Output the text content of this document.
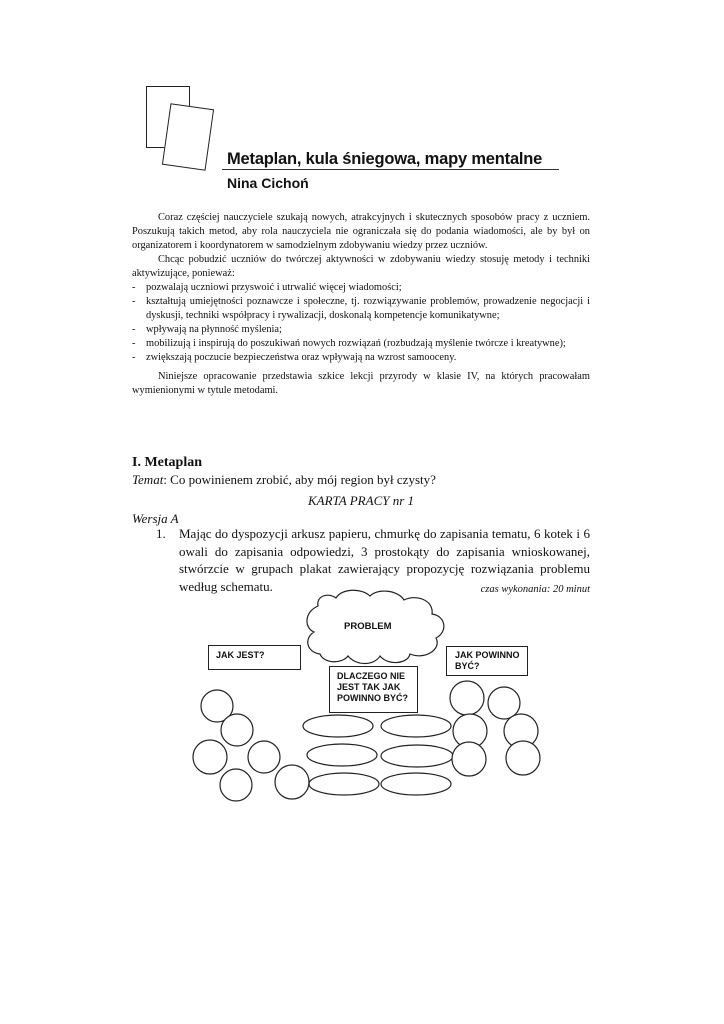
Metaplan, kula śniegowa, mapy mentalne
Nina Cichoń

Coraz częściej nauczyciele szukają nowych, atrakcyjnych i skutecznych sposobów pracy z uczniem. Poszukują takich metod, aby rola nauczyciela nie ograniczała się do podania wiadomości, ale by był on organizatorem i koordynatorem w samodzielnym zdobywaniu wiedzy przez uczniów.

Chcąc pobudzić uczniów do twórczej aktywności w zdobywaniu wiedzy stosuję metody i techniki aktywizujące, ponieważ:

- pozwalają uczniowi przyswoić i utrwalić więcej wiadomości;
- kształtują umiejętności poznawcze i społeczne, tj. rozwiązywanie problemów, prowadzenie negocjacji i dyskusji, techniki współpracy i rywalizacji, doskonalą kompetencje komunikatywne;
- wpływają na płynność myślenia;
- mobilizują i inspirują do poszukiwań nowych rozwiązań (rozbudzają myślenie twórcze i kreatywne);
- zwiększają poczucie bezpieczeństwa oraz wpływają na wzrost samooceny.

Niniejsze opracowanie przedstawia szkice lekcji przyrody w klasie IV, na których pracowałam wymienionymi w tytule metodami.

I. Metaplan
Temat: Co powinienem zrobić, aby mój region był czysty?
KARTA PRACY nr 1
Wersja A
1. Mając do dyspozycji arkusz papieru, chmurkę do zapisania tematu, 6 kotek i 6 owali do zapisania odpowiedzi, 3 prostokąty do zapisania wnioskowanej, stwórzcie w grupach plakat zawierający propozycję rozwiązania problemu według schematu.	czas wykonania: 20 minut
PROBLEM
JAK JEST?	JAK POWINNO BYĆ?
DLACZEGO NIE JEST TAK JAK POWINNO BYĆ?
